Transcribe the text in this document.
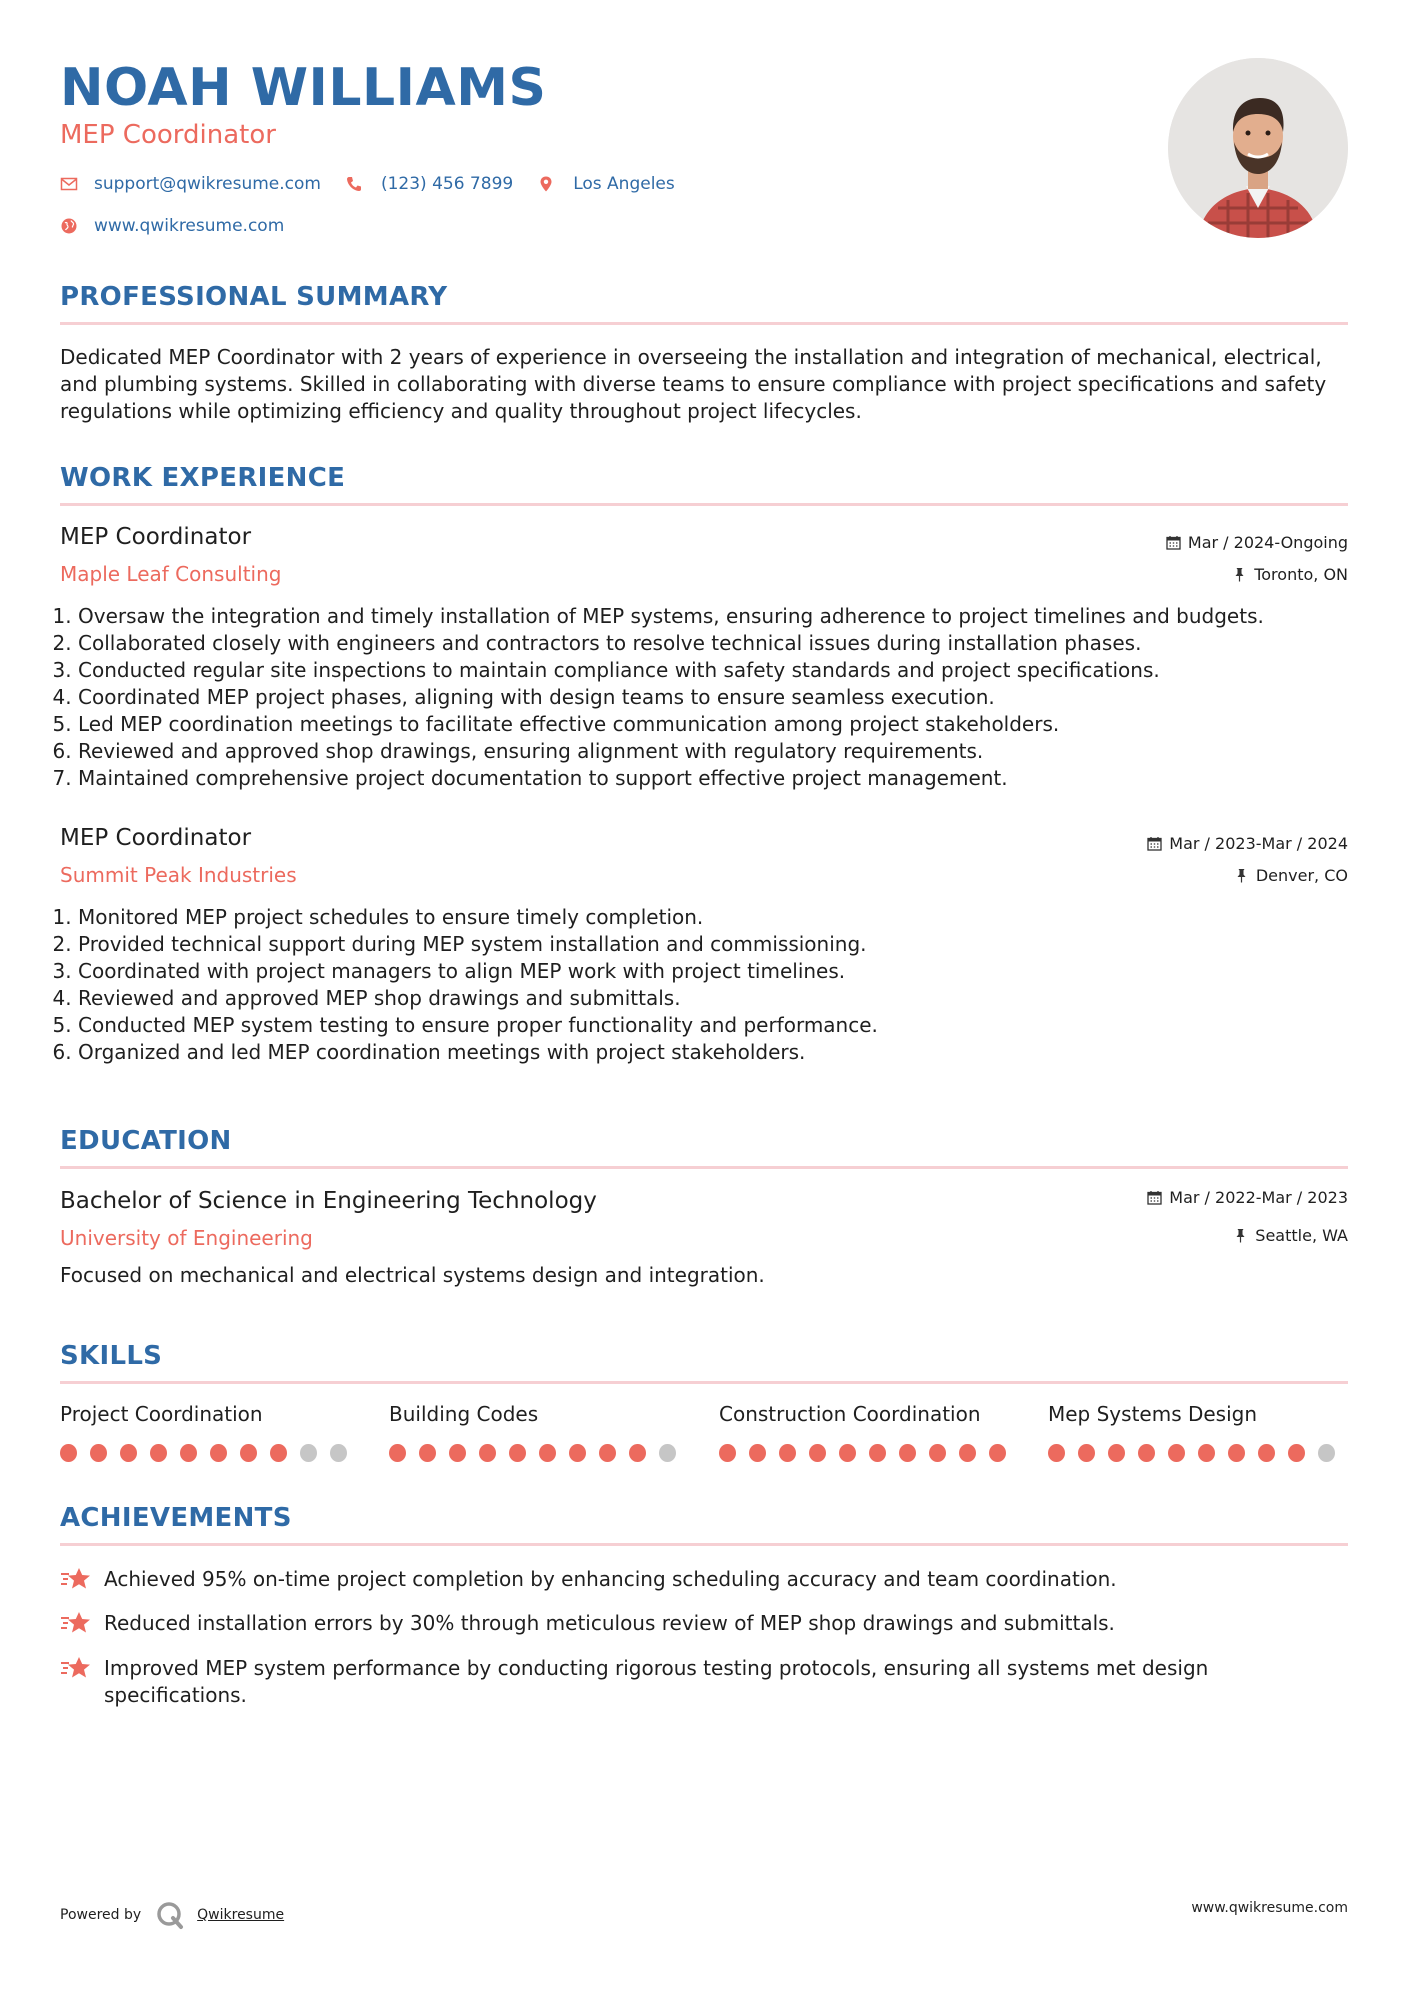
NOAH WILLIAMS
MEP Coordinator
support@qwikresume.com	(123) 456 7899	Los Angeles
www.qwikresume.com
PROFESSIONAL SUMMARY
Dedicated MEP Coordinator with 2 years of experience in overseeing the installation and integration of mechanical, electrical, and plumbing systems. Skilled in collaborating with diverse teams to ensure compliance with project specifications and safety regulations while optimizing efficiency and quality throughout project lifecycles.
WORK EXPERIENCE
MEP Coordinator	Mar / 2024-Ongoing
Maple Leaf Consulting	Toronto, ON
1. Oversaw the integration and timely installation of MEP systems, ensuring adherence to project timelines and budgets.
2. Collaborated closely with engineers and contractors to resolve technical issues during installation phases.
3. Conducted regular site inspections to maintain compliance with safety standards and project specifications.
4. Coordinated MEP project phases, aligning with design teams to ensure seamless execution.
5. Led MEP coordination meetings to facilitate effective communication among project stakeholders.
6. Reviewed and approved shop drawings, ensuring alignment with regulatory requirements.
7. Maintained comprehensive project documentation to support effective project management.
MEP Coordinator	Mar / 2023-Mar / 2024
Summit Peak Industries	Denver, CO
1. Monitored MEP project schedules to ensure timely completion.
2. Provided technical support during MEP system installation and commissioning.
3. Coordinated with project managers to align MEP work with project timelines.
4. Reviewed and approved MEP shop drawings and submittals.
5. Conducted MEP system testing to ensure proper functionality and performance.
6. Organized and led MEP coordination meetings with project stakeholders.
EDUCATION
Bachelor of Science in Engineering Technology	Mar / 2022-Mar / 2023
University of Engineering	Seattle, WA
Focused on mechanical and electrical systems design and integration.
SKILLS
Project Coordination	Building Codes	Construction Coordination	Mep Systems Design
ACHIEVEMENTS
Achieved 95% on-time project completion by enhancing scheduling accuracy and team coordination.
Reduced installation errors by 30% through meticulous review of MEP shop drawings and submittals.
Improved MEP system performance by conducting rigorous testing protocols, ensuring all systems met design specifications.
Powered by	Qwikresume	www.qwikresume.com
